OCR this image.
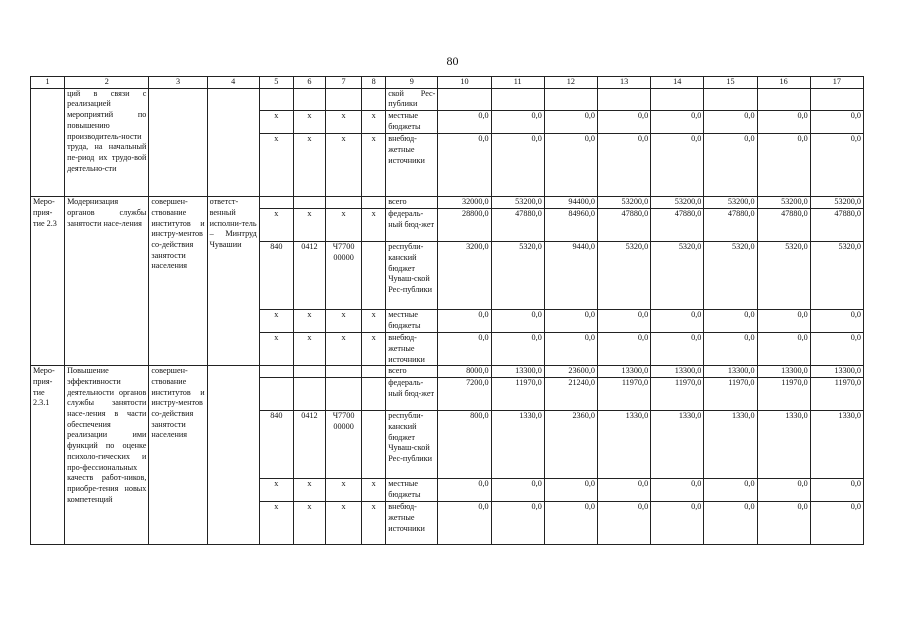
80
1	2	3	4	5	6	7	8	9	10	11	12	13	14	15	16	17
	ций в связи с реализацией мероприятий по повышению производитель-ности труда, на начальный пе-риод их трудо-вой деятельно-сти							ской Рес-публики								
				х	х	х	х	местные бюджеты	0,0	0,0	0,0	0,0	0,0	0,0	0,0	0,0
				х	х	х	х	внебюд-жетные источники	0,0	0,0	0,0	0,0	0,0	0,0	0,0	0,0
Меро-прия-тие 2.3	Модернизация органов службы занятости насе-ления	совершен-ствование институтов и инстру-ментов со-действия занятости населения	ответст-венный исполни-тель – Минтруд Чувашии					всего	32000,0	53200,0	94400,0	53200,0	53200,0	53200,0	53200,0	53200,0
				х	х	х	х	федераль-ный бюд-жет	28800,0	47880,0	84960,0	47880,0	47880,0	47880,0	47880,0	47880,0
				840	0412	Ч7700 00000		республи-канский бюджет Чуваш-ской Рес-публики	3200,0	5320,0	9440,0	5320,0	5320,0	5320,0	5320,0	5320,0
				х	х	х	х	местные бюджеты	0,0	0,0	0,0	0,0	0,0	0,0	0,0	0,0
				х	х	х	х	внебюд-жетные источники	0,0	0,0	0,0	0,0	0,0	0,0	0,0	0,0
Меро-прия-тие 2.3.1	Повышение эффективности деятельности органов службы занятости насе-ления в части обеспечения реализации ими функций по оценке психоло-гических и про-фессиональных качеств работ-ников, приобре-тения новых компетенций	совершен-ствование институтов и инстру-ментов со-действия занятости населения						всего	8000,0	13300,0	23600,0	13300,0	13300,0	13300,0	13300,0	13300,0
								федераль-ный бюд-жет	7200,0	11970,0	21240,0	11970,0	11970,0	11970,0	11970,0	11970,0
				840	0412	Ч7700 00000		республи-канский бюджет Чуваш-ской Рес-публики	800,0	1330,0	2360,0	1330,0	1330,0	1330,0	1330,0	1330,0
				х	х	х	х	местные бюджеты	0,0	0,0	0,0	0,0	0,0	0,0	0,0	0,0
				х	х	х	х	внебюд-жетные источники	0,0	0,0	0,0	0,0	0,0	0,0	0,0	0,0
